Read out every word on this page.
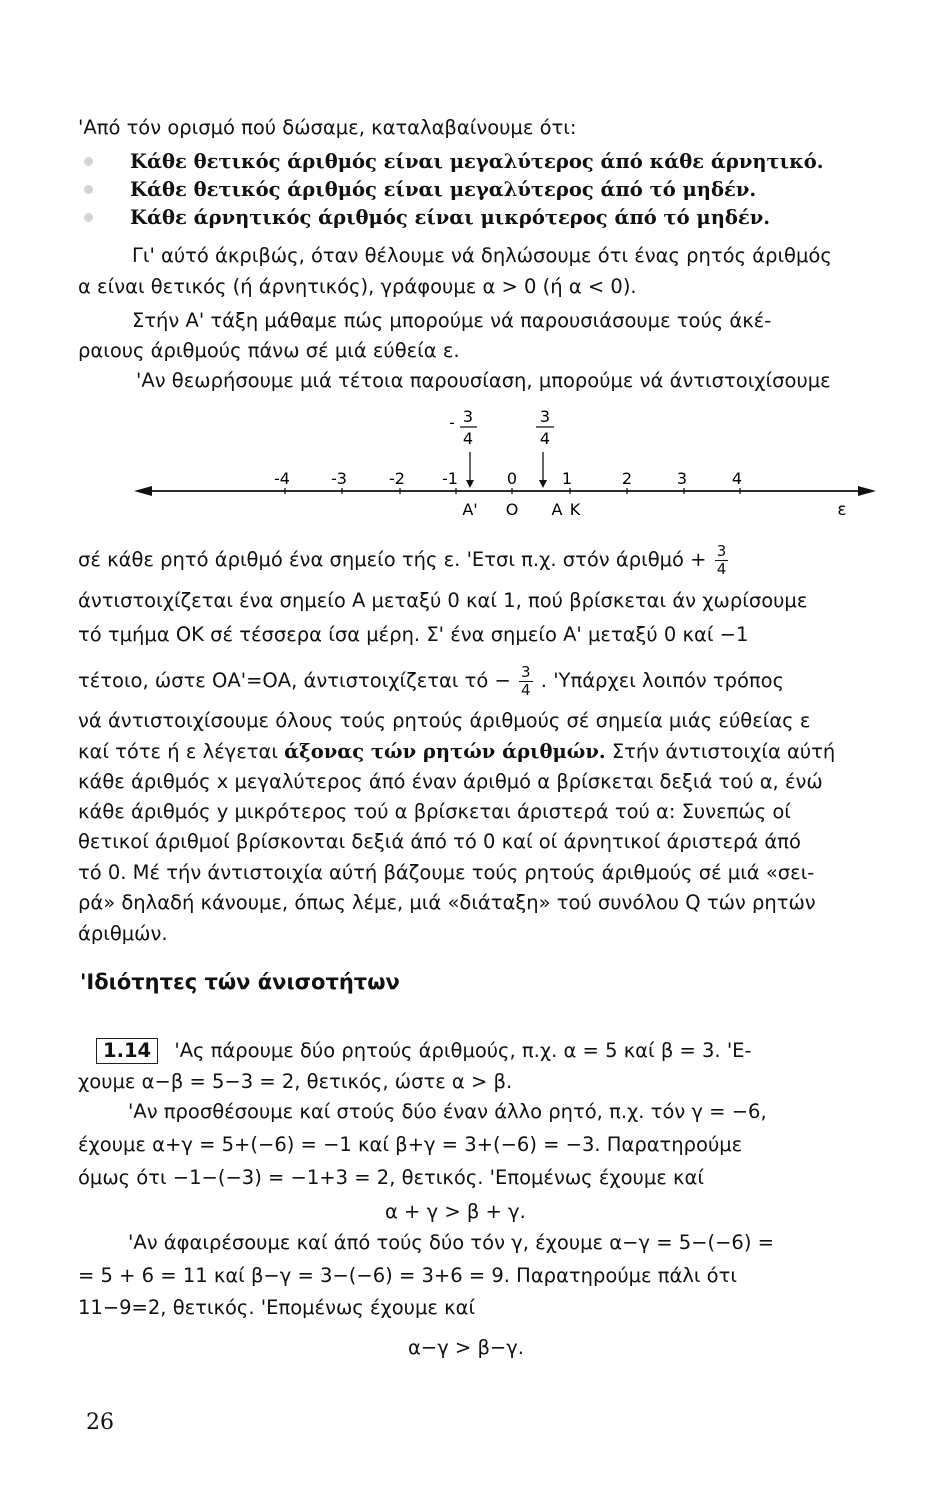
'Από τόν ορισμό πού δώσαμε, καταλαβαίνουμε ότι:
Κάθε θετικός άριθμός είναι μεγαλύτερος άπό κάθε άρνητικό.
Κάθε θετικός άριθμός είναι μεγαλύτερος άπό τό μηδέν.
Κάθε άρνητικός άριθμός είναι μικρότερος άπό τό μηδέν.
Γι' αύτό άκριβώς, όταν θέλουμε νά δηλώσουμε ότι ένας ρητός άριθμός
α είναι θετικός (ή άρνητικός), γράφουμε α > 0 (ή α < 0).
Στήν Α' τάξη μάθαμε πώς μπορούμε νά παρουσιάσουμε τούς άκέ-
ραιους άριθμούς πάνω σέ μιά εύθεία ε.
'Αν θεωρήσουμε μιά τέτοια παρουσίαση, μπορούμε νά άντιστοιχίσουμε
- 3
4
3
4
-4	-3	-2 -1	0	1	2	3	4
Α' Ο Α Κ	ε
σέ κάθε ρητό άριθμό ένα σημείο τής ε. 'Ετσι π.χ. στόν $ά\rho\iota\theta\mu ό + \frac{3}{4}$
άντιστοιχίζεται ένα σημείο Α μεταξύ 0 καί 1, πού βρίσκεται άν χωρίσουμε
τό τμήμα ΟΚ σέ τέσσερα ίσα μέρη. Σ' ένα σημείο Α' μεταξύ 0 καί −1
τέτοιο, ώστε ΟΑ'=ΟΑ, άντιστοιχίζεται $\tau ό - \frac{3}{4}$ . 'Υπάρχει λοιπόν τρόπος
νά άντιστοιχίσουμε όλους τούς ρητούς άριθμούς σέ σημεία μιάς εύθείας ε
καί τότε ή ε λέγεται άξονας τών ρητών άριθμών. Στήν άντιστοιχία αύτή
κάθε άριθμός x μεγαλύτερος άπό έναν άριθμό α βρίσκεται δεξιά τού α, ένώ
κάθε άριθμός y μικρότερος τού α βρίσκεται άριστερά τού α: Συνεπώς οί
θετικοί άριθμοί βρίσκονται δεξιά άπό τό 0 καί οί άρνητικοί άριστερά άπό
τό 0. Μέ τήν άντιστοιχία αύτή βάζουμε τούς ρητούς άριθμούς σέ μιά «σει-
ρά» δηλαδή κάνουμε, όπως λέμε, μιά «διάταξη» τού συνόλου Q τών ρητών
άριθμών.
'Ιδιότητες τών άνισοτήτων
1.14 'Ας πάρουμε δύο ρητούς άριθμούς, π.χ. α = 5 καί β = 3. 'Ε-
χουμε α−β = 5−3 = 2, θετικός, ώστε α > β.
'Αν προσθέσουμε καί στούς δύο έναν άλλο ρητό, π.χ. τόν γ = −6,
έχουμε α+γ = 5+(−6) = −1 καί β+γ = 3+(−6) = −3. Παρατηρούμε
όμως ότι −1−(−3) = −1+3 = 2, θετικός. 'Επομένως έχουμε καί
α + γ > β + γ.
'Αν άφαιρέσουμε καί άπό τούς δύο τόν γ, έχουμε α−γ = 5−(−6) =
= 5 + 6 = 11 καί β−γ = 3−(−6) = 3+6 = 9. Παρατηρούμε πάλι ότι
11−9=2, θετικός. 'Επομένως έχουμε καί
α−γ > β−γ.
26
